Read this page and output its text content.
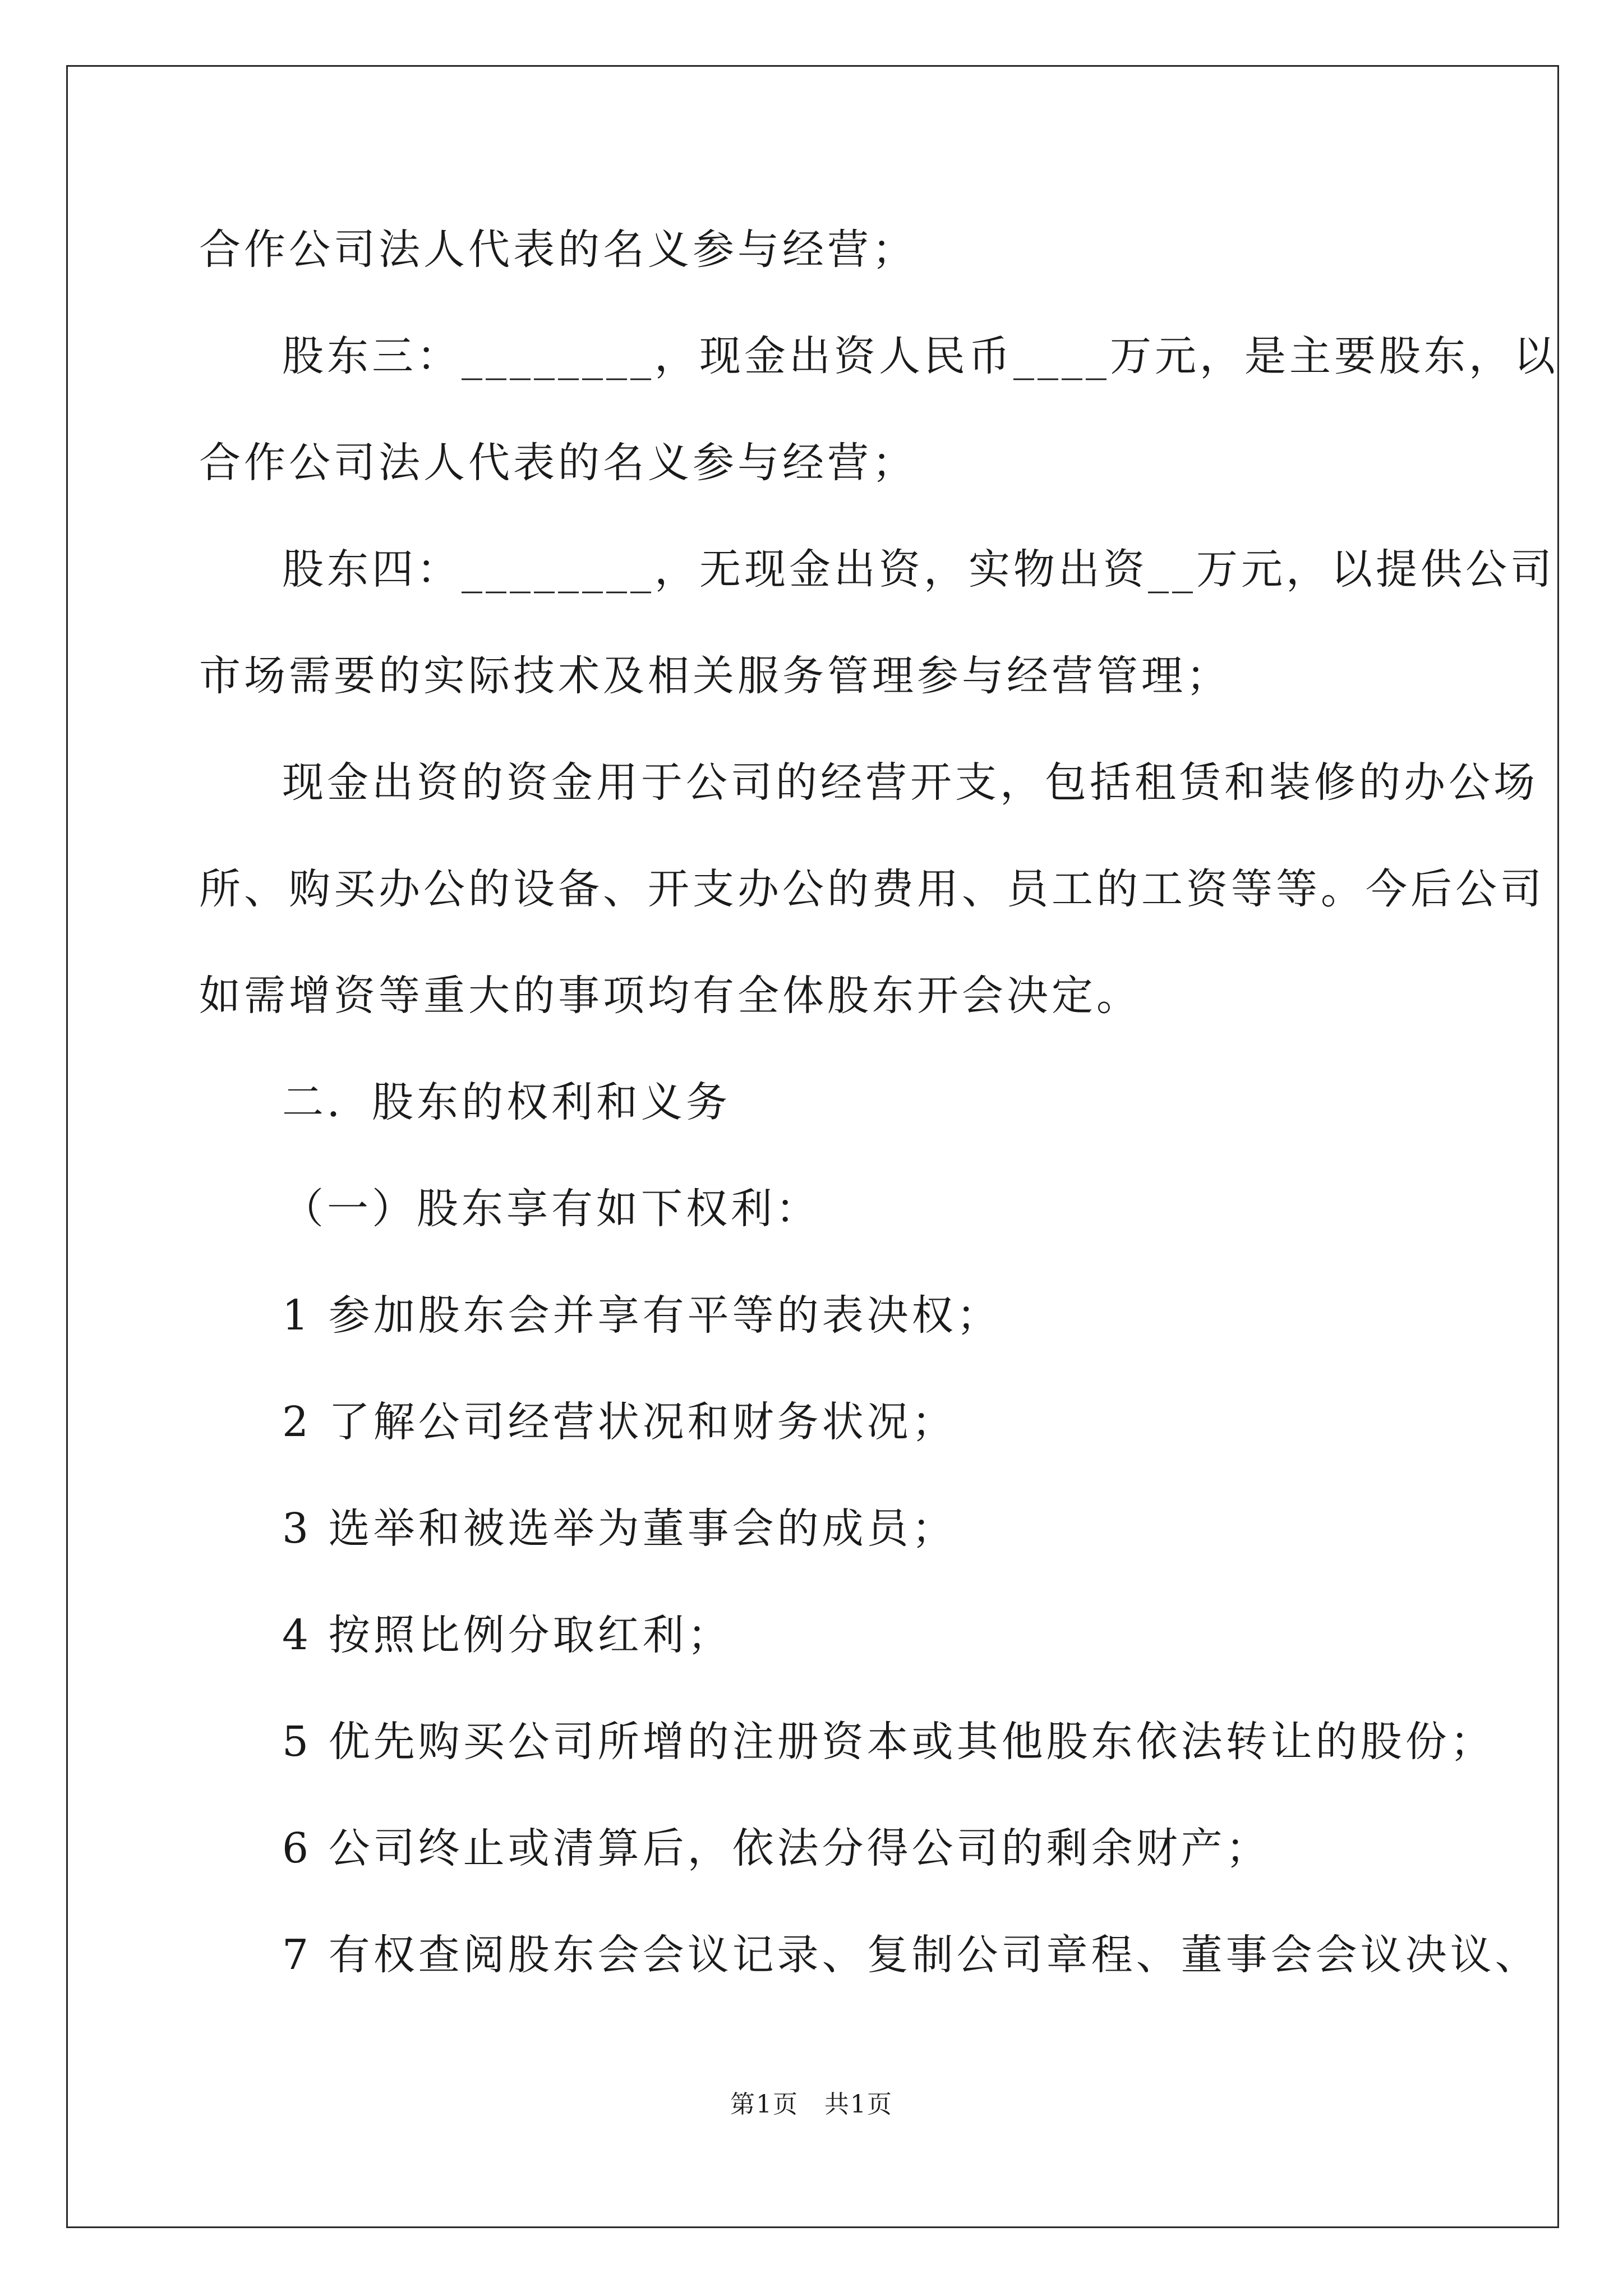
合作公司法人代表的名义参与经营；
股东三：________，现金出资人民币____万元，是主要股东，以
合作公司法人代表的名义参与经营；
股东四：________，无现金出资，实物出资__万元，以提供公司
市场需要的实际技术及相关服务管理参与经营管理；
现金出资的资金用于公司的经营开支，包括租赁和装修的办公场
所、购买办公的设备、开支办公的费用、员工的工资等等。今后公司
如需增资等重大的事项均有全体股东开会决定。
二．股东的权利和义务
（一）股东享有如下权利：
1 参加股东会并享有平等的表决权；
2 了解公司经营状况和财务状况；
3 选举和被选举为董事会的成员；
4 按照比例分取红利；
5 优先购买公司所增的注册资本或其他股东依法转让的股份；
6 公司终止或清算后，依法分得公司的剩余财产；
7 有权查阅股东会会议记录、复制公司章程、董事会会议决议、
第1页　共1页
